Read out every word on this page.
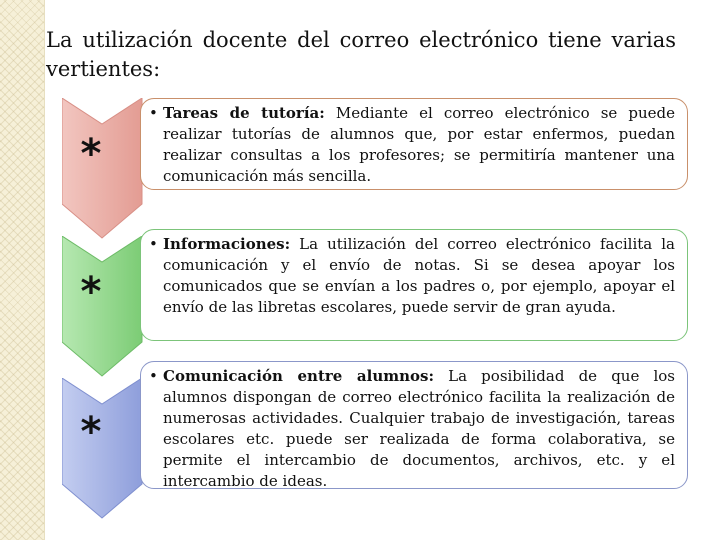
La utilización docente del correo electrónico tiene varias vertientes:
*
• Tareas de tutoría: Mediante el correo electrónico se puede realizar tutorías de alumnos que, por estar enfermos, puedan realizar consultas a los profesores; se permitiría mantener una comunicación más sencilla.

*
• Informaciones: La utilización del correo electrónico facilita la comunicación y el envío de notas. Si se desea apoyar los comunicados que se envían a los padres o, por ejemplo, apoyar el envío de las libretas escolares, puede servir de gran ayuda.

*
• Comunicación entre alumnos: La posibilidad de que los alumnos dispongan de correo electrónico facilita la realización de numerosas actividades. Cualquier trabajo de investigación, tareas escolares etc. puede ser realizada de forma colaborativa, se permite el intercambio de documentos, archivos, etc. y el intercambio de ideas.
